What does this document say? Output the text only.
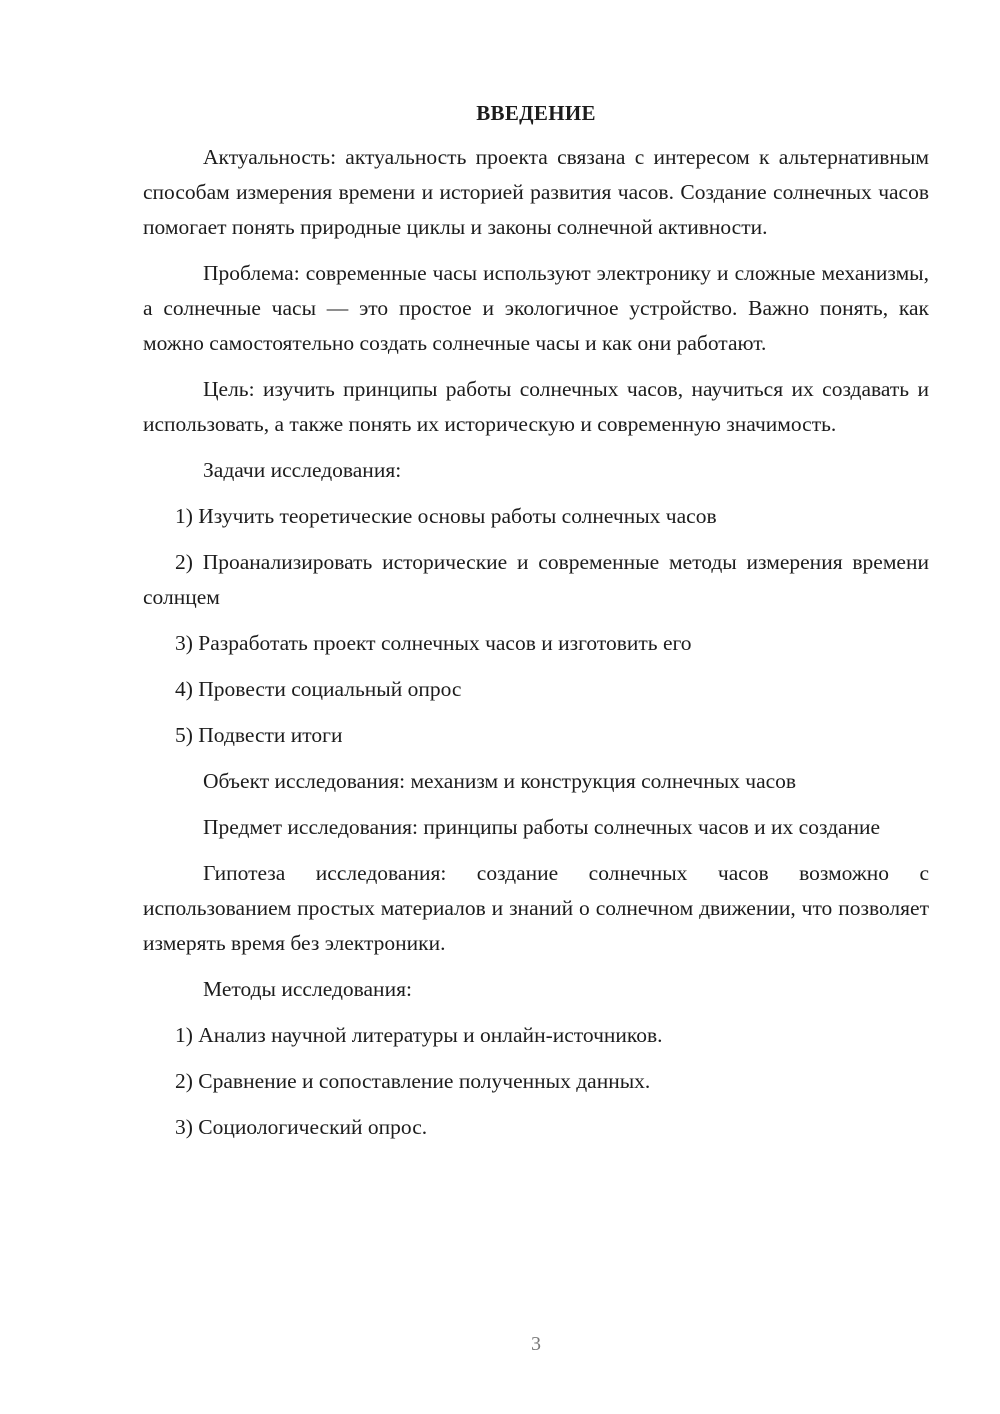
ВВЕДЕНИЕ

Актуальность: актуальность проекта связана с интересом к альтернативным способам измерения времени и историей развития часов. Создание солнечных часов помогает понять природные циклы и законы солнечной активности.

Проблема: современные часы используют электронику и сложные механизмы, а солнечные часы — это простое и экологичное устройство. Важно понять, как можно самостоятельно создать солнечные часы и как они работают.

Цель: изучить принципы работы солнечных часов, научиться их создавать и использовать, а также понять их историческую и современную значимость.

Задачи исследования:

1) Изучить теоретические основы работы солнечных часов

2) Проанализировать исторические и современные методы измерения времени солнцем

3) Разработать проект солнечных часов и изготовить его

4) Провести социальный опрос

5) Подвести итоги

Объект исследования: механизм и конструкция солнечных часов

Предмет исследования: принципы работы солнечных часов и их создание

Гипотеза исследования: создание солнечных часов возможно с использованием простых материалов и знаний о солнечном движении, что позволяет измерять время без электроники.

Методы исследования:

1) Анализ научной литературы и онлайн-источников.

2) Сравнение и сопоставление полученных данных.

3) Социологический опрос.

3
